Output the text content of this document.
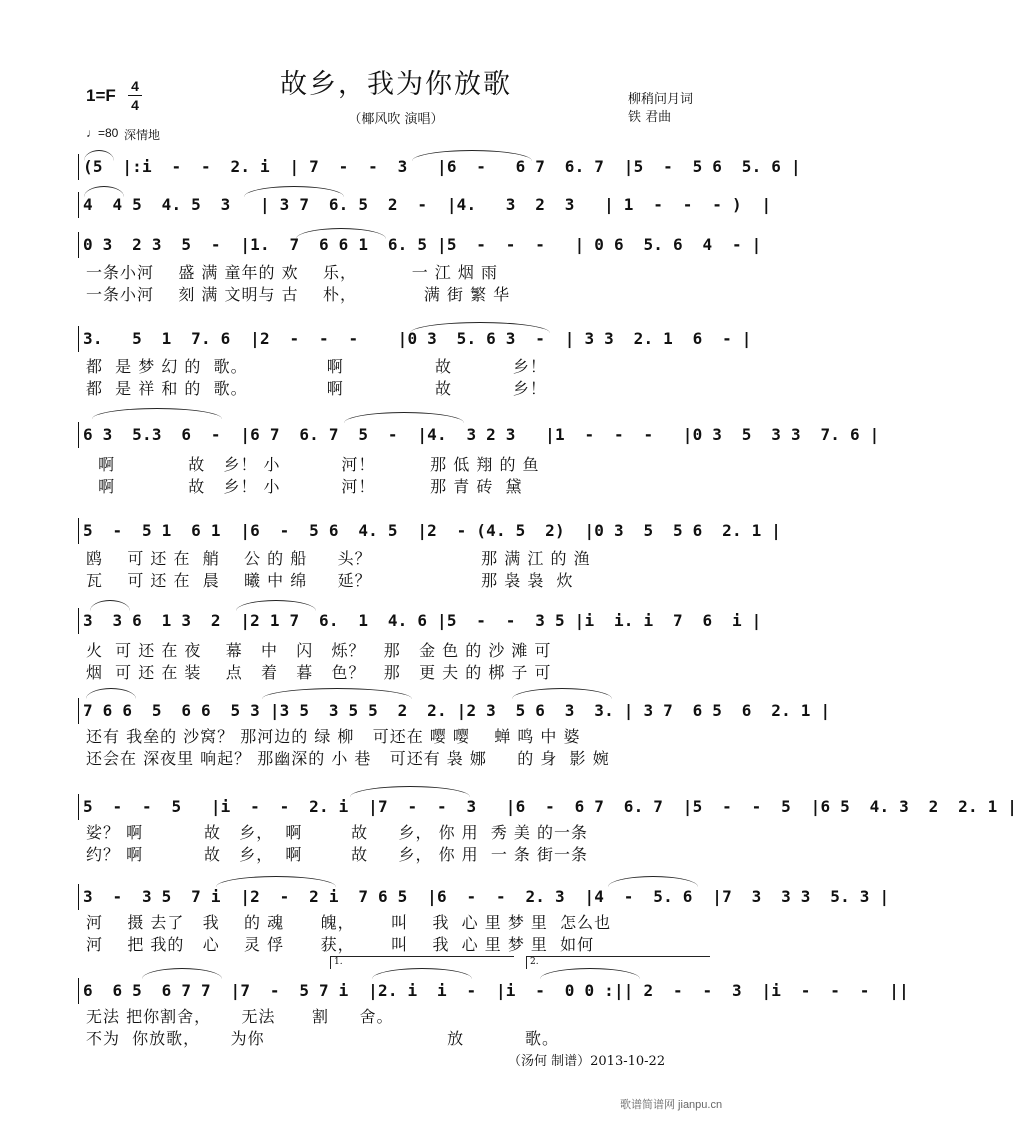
1=F 4
4
故乡，我为你放歌
（椰风吹 演唱）
柳稍问月词
铁 君曲
♩=80 深情地
(5  |:i  -  -  2. i  | 7  -  -  3   |6  -   6 7  6. 7  |5  -  5 6  5. 6 |
4  4 5  4. 5  3   | 3 7  6. 5  2  -  |4.   3  2  3   | 1  -  -  - )  |
0 3  2 3  5  -  |1.  7  6 6 1  6. 5 |5  -  -  -   | 0 6  5. 6  4  - |
一条小河    盛 满 童年的 欢    乐，         一 江 烟 雨
一条小河    刻 满 文明与 古    朴，           满 街 繁 华
3.   5  1  7. 6  |2  -  -  -    |0 3  5. 6 3  -  | 3 3  2. 1  6  - |
都  是 梦 幻 的  歌。             啊               故          乡！
都  是 祥 和 的  歌。             啊               故          乡！
6 3  5.3  6  -  |6 7  6. 7  5  -  |4.  3 2 3   |1  -  -  -   |0 3  5  3 3  7. 6 |
啊            故   乡！ 小          河！         那 低 翔 的 鱼
啊            故   乡！ 小          河！         那 青 砖  黛
5  -  5 1  6 1  |6  -  5 6  4. 5  |2  - (4. 5  2)  |0 3  5  5 6  2. 1 |
鸥    可 还 在  艄    公 的 船     头？                  那 满 江 的 渔
瓦    可 还 在  晨    曦 中 绵     延？                  那 袅 袅  炊
3  3 6  1 3  2  |2 1 7  6.  1  4. 6 |5  -  -  3 5 |i  i. i  7  6  i |
火  可 还 在 夜    幕   中   闪   烁？   那   金 色 的 沙 滩 可
烟  可 还 在 装    点   着   暮   色？   那   更 夫 的 梆 子 可
7 6 6  5  6 6  5 3 |3 5  3 5 5  2  2. |2 3  5 6  3  3. | 3 7  6 5  6  2. 1 |
还有 我垒的 沙窝？ 那河边的 绿 柳   可还在 嘤 嘤    蝉 鸣 中 婆
还会在 深夜里 响起？ 那幽深的 小 巷   可还有 袅 娜     的 身  影 婉
5  -  -  5   |i  -  -  2. i  |7  -  -  3   |6  -  6 7  6. 7  |5  -  -  5  |6 5  4. 3  2  2. 1 |
娑？ 啊          故   乡，  啊        故     乡， 你 用  秀 美 的一条
约？ 啊          故   乡，  啊        故     乡， 你 用  一 条 街一条
3  -  3 5  7 i  |2  -  2 i  7 6 5  |6  -  -  2. 3  |4  -  5. 6  |7  3  3 3  5. 3 |
河    摄 去了   我    的 魂      魄，      叫    我  心 里 梦 里  怎么也
河    把 我的   心    灵 俘      获，      叫    我  心 里 梦 里  如何
1.	2.
6  6 5  6 7 7  |7  -  5 7 i  |2. i  i  -  |i  -  0 0 :|| 2  -  -  3  |i  -  -  -  ||
无法 把你割舍，     无法      割     舍。
不为  你放歌，     为你                              放          歌。
（汤何 制谱）2013-10-22
歌谱简谱网 jianpu.cn
